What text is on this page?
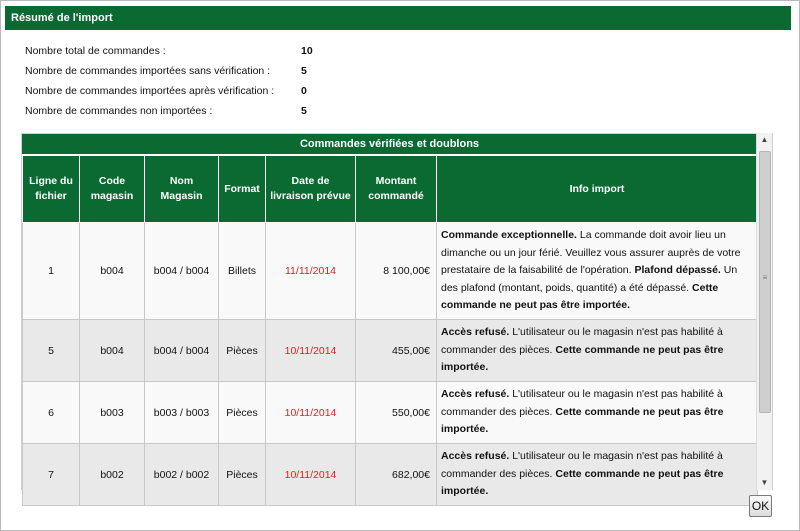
Résumé de l'import
Nombre total de commandes :	10
Nombre de commandes importées sans vérification :	5
Nombre de commandes importées après vérification :	0
Nombre de commandes non importées :	5
Commandes vérifiées et doublons
Ligne du fichier	Code magasin	Nom Magasin	Format	Date de livraison prévue	Montant commandé	Info import
1	b004	b004 / b004	Billets	11/11/2014	8 100,00€	Commande exceptionnelle. La commande doit avoir lieu un dimanche ou un jour férié. Veuillez vous assurer auprès de votre prestataire de la faisabilité de l'opération. Plafond dépassé. Un des plafond (montant, poids, quantité) a été dépassé. Cette commande ne peut pas être importée.
5	b004	b004 / b004	Pièces	10/11/2014	455,00€	Accès refusé. L'utilisateur ou le magasin n'est pas habilité à commander des pièces. Cette commande ne peut pas être importée.
6	b003	b003 / b003	Pièces	10/11/2014	550,00€	Accès refusé. L'utilisateur ou le magasin n'est pas habilité à commander des pièces. Cette commande ne peut pas être importée.
7	b002	b002 / b002	Pièces	10/11/2014	682,00€	Accès refusé. L'utilisateur ou le magasin n'est pas habilité à commander des pièces. Cette commande ne peut pas être importée.
▲
≡
▼
OK
